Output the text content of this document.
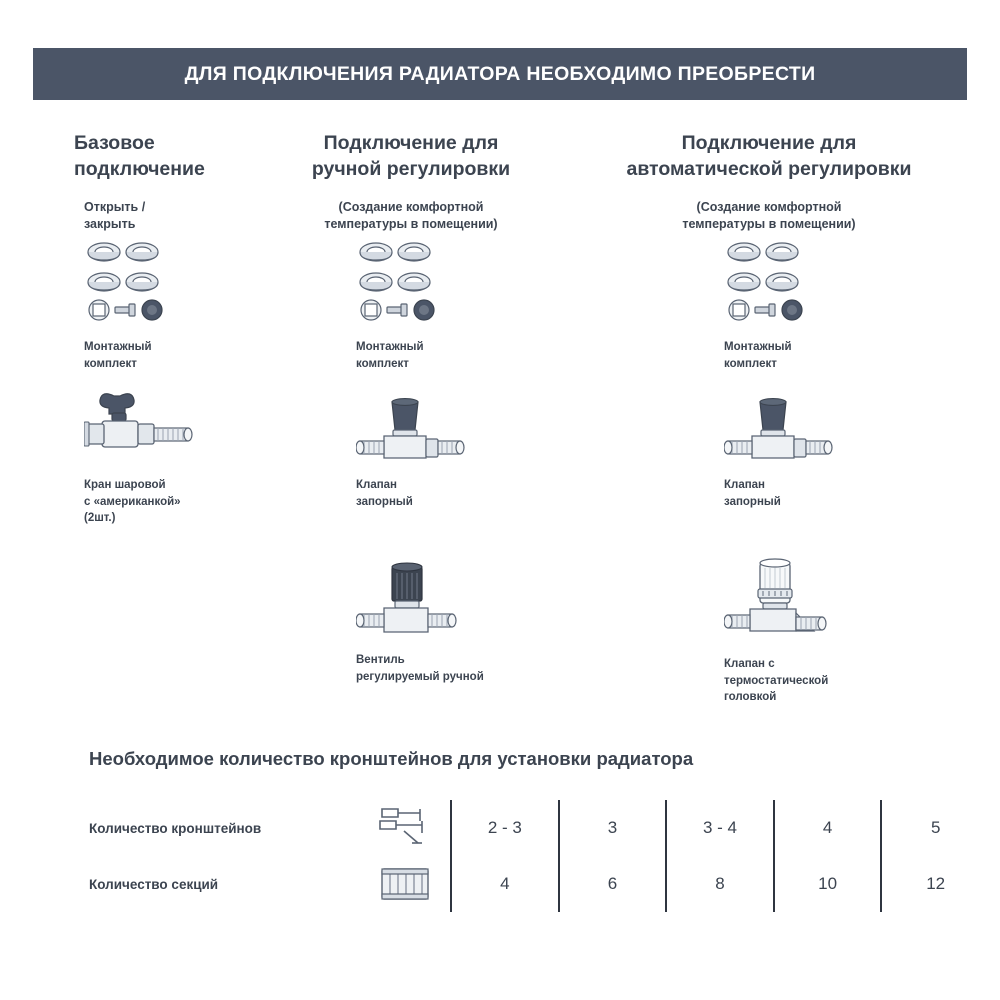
ДЛЯ ПОДКЛЮЧЕНИЯ РАДИАТОРА НЕОБХОДИМО ПРЕОБРЕСТИ
Базовое
подключение
Открыть /
закрыть
Монтажный
комплект
Кран шаровой
с «американкой»
(2шт.)
Подключение для
ручной регулировки
(Создание комфортной
температуры в помещении)
Монтажный
комплект
Клапан
запорный
Вентиль
регулируемый ручной
Подключение для
автоматической регулировки
(Создание комфортной
температуры в помещении)
Монтажный
комплект
Клапан
запорный
Клапан с
термостатической
головкой
Необходимое количество кронштейнов для установки радиатора
Количество кронштейнов		2 - 3	3	3 - 4	4	5
Количество секций		4	6	8	10	12
